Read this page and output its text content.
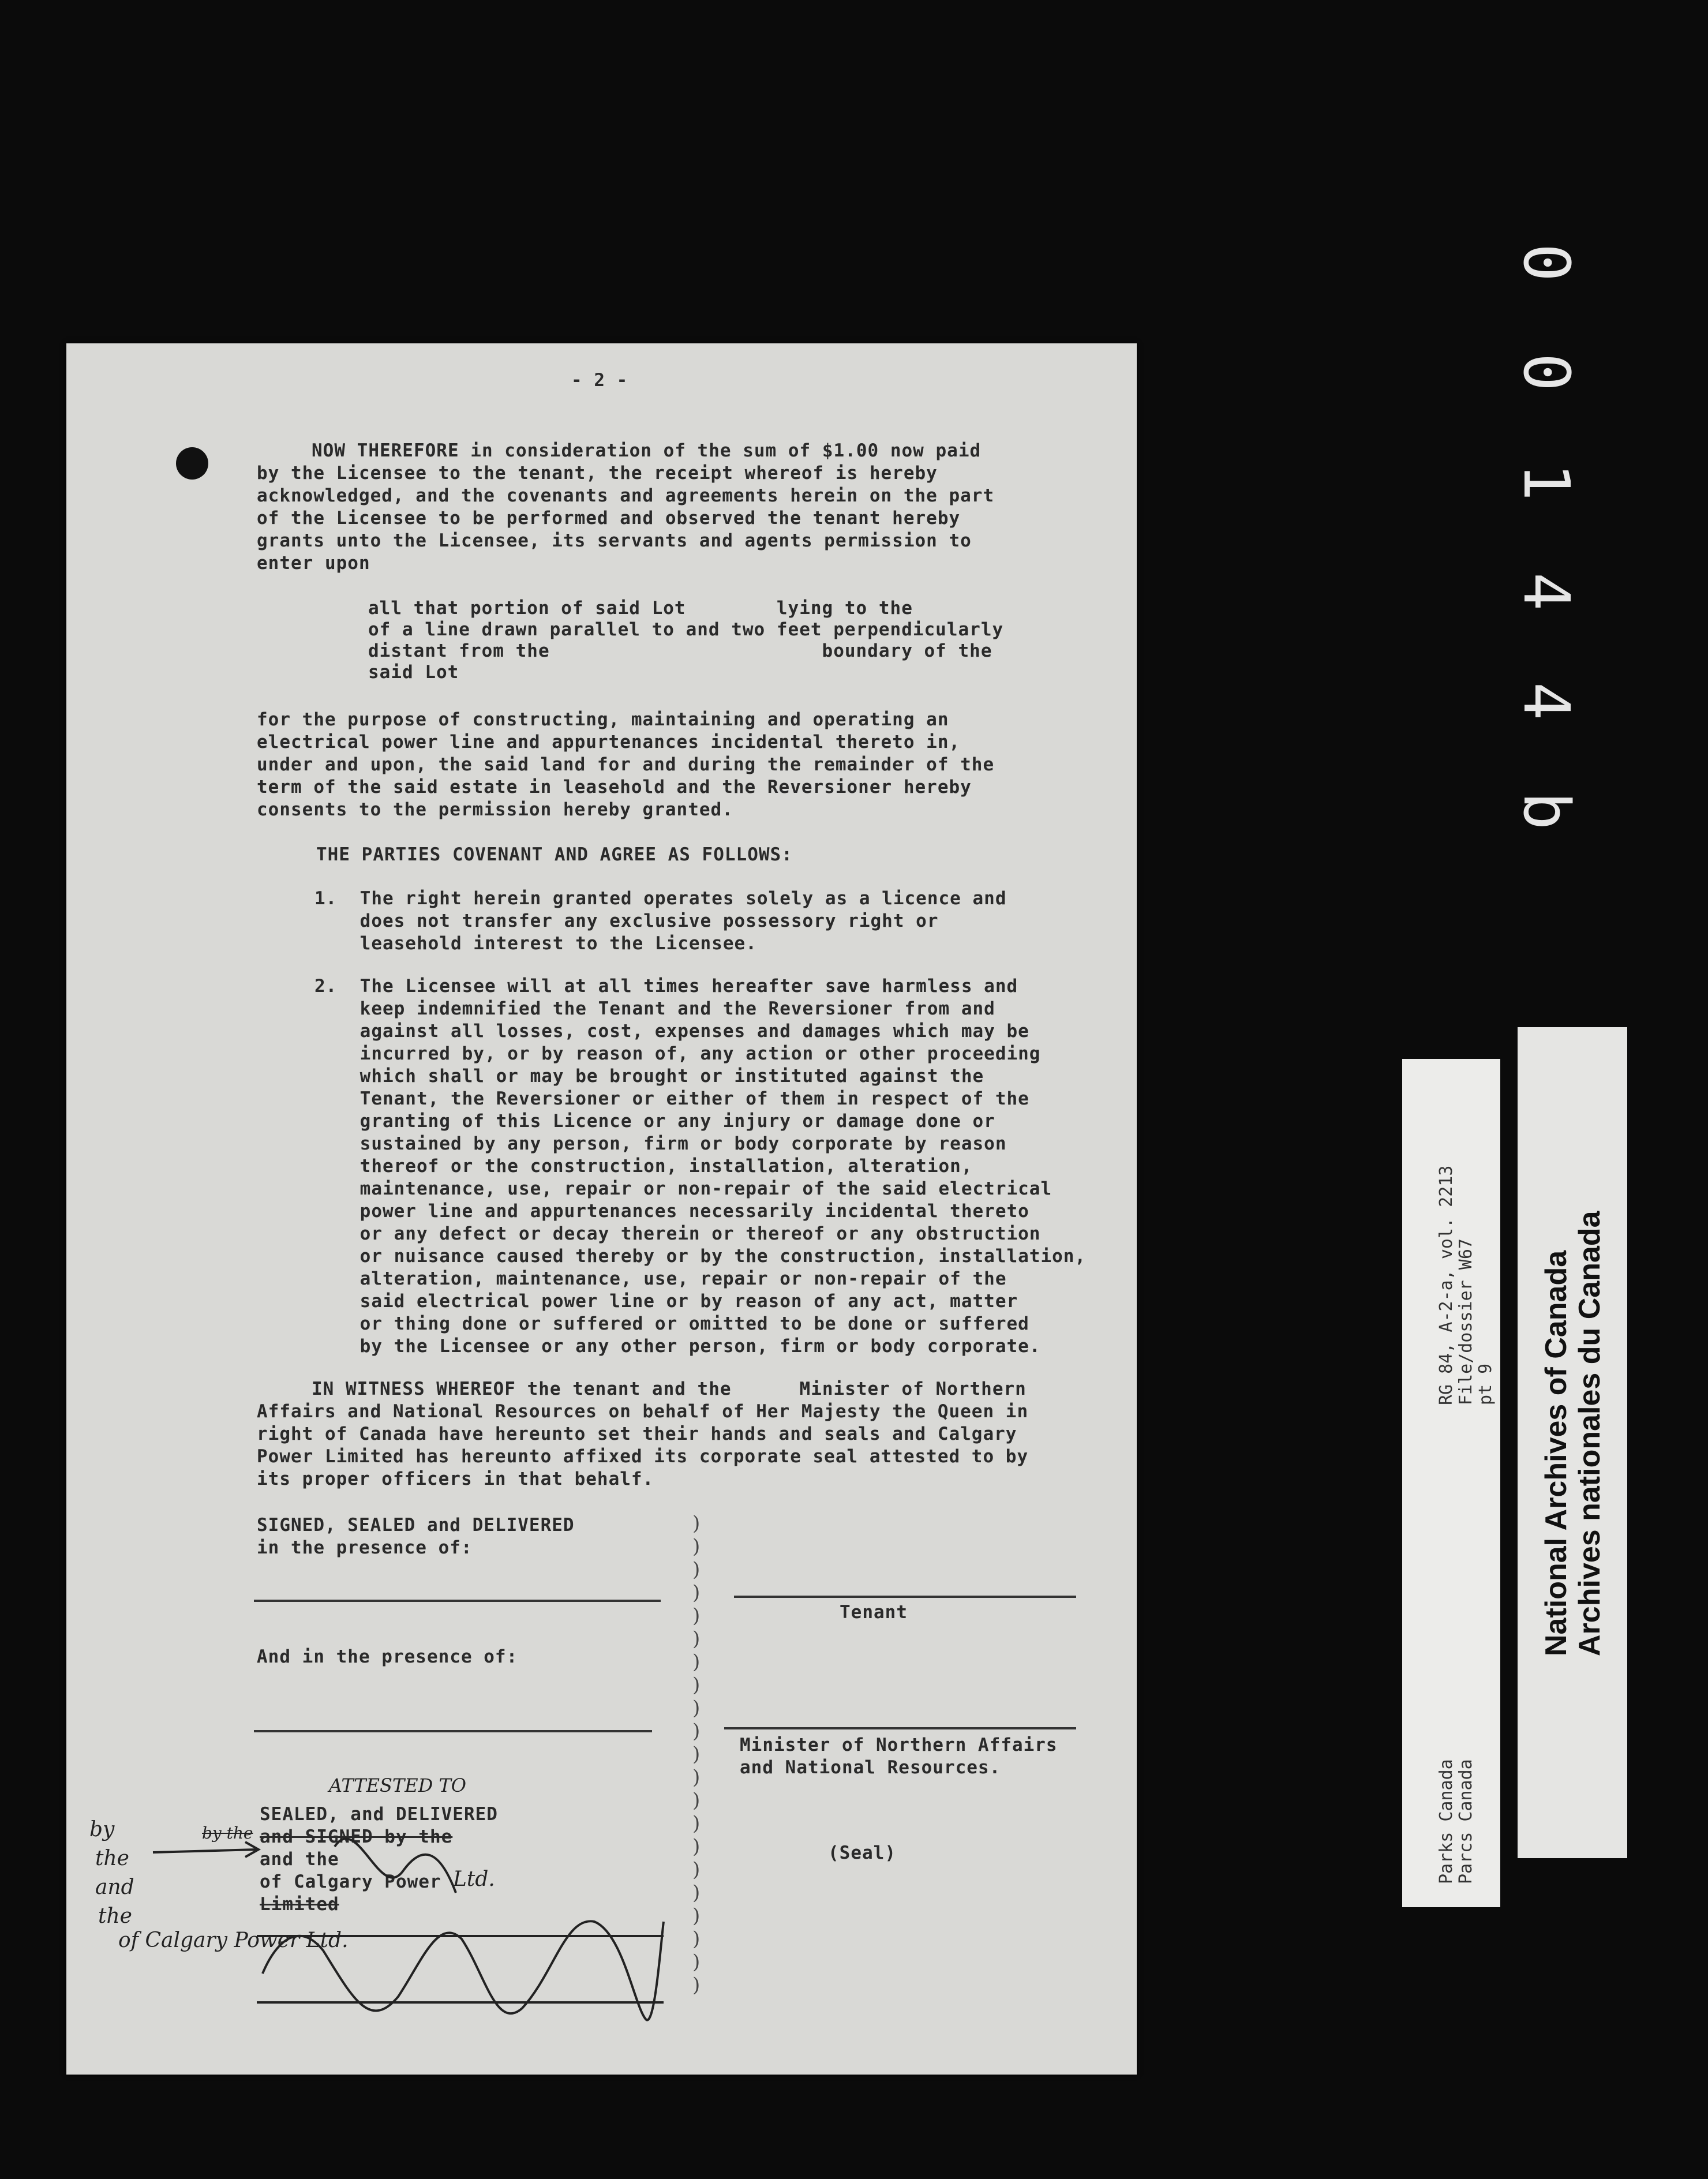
0
0
1
4
4
b
- 2 -
NOW THEREFORE in consideration of the sum of $1.00 now paid
by the Licensee to the tenant, the receipt whereof is hereby
acknowledged, and the covenants and agreements herein on the part
of the Licensee to be performed and observed the tenant hereby
grants unto the Licensee, its servants and agents permission to
enter upon
all that portion of said Lot        lying to the
of a line drawn parallel to and two feet perpendicularly
distant from the                        boundary of the
said Lot
for the purpose of constructing, maintaining and operating an
electrical power line and appurtenances incidental thereto in,
under and upon, the said land for and during the remainder of the
term of the said estate in leasehold and the Reversioner hereby
consents to the permission hereby granted.
THE PARTIES COVENANT AND AGREE AS FOLLOWS:
1.  The right herein granted operates solely as a licence and
does not transfer any exclusive possessory right or
leasehold interest to the Licensee.
2.  The Licensee will at all times hereafter save harmless and
keep indemnified the Tenant and the Reversioner from and
against all losses, cost, expenses and damages which may be
incurred by, or by reason of, any action or other proceeding
which shall or may be brought or instituted against the
Tenant, the Reversioner or either of them in respect of the
granting of this Licence or any injury or damage done or
sustained by any person, firm or body corporate by reason
thereof or the construction, installation, alteration,
maintenance, use, repair or non-repair of the said electrical
power line and appurtenances necessarily incidental thereto
or any defect or decay therein or thereof or any obstruction
or nuisance caused thereby or by the construction, installation,
alteration, maintenance, use, repair or non-repair of the
said electrical power line or by reason of any act, matter
or thing done or suffered or omitted to be done or suffered
by the Licensee or any other person, firm or body corporate.
IN WITNESS WHEREOF the tenant and the      Minister of Northern
Affairs and National Resources on behalf of Her Majesty the Queen in
right of Canada have hereunto set their hands and seals and Calgary
Power Limited has hereunto affixed its corporate seal attested to by
its proper officers in that behalf.
SIGNED, SEALED and DELIVERED
in the presence of:
)
)
)
)
)
)
)
)
)
)
)
)
)
)
)
)
)
)
)
)
)
Tenant
And in the presence of:
Minister of Northern Affairs
and National Resources.
ATTESTED TO
SEALED, and DELIVERED
and SIGNED by the
and the
of Calgary Power
Limited
Ltd.
(Seal)
by the
by
the
and
the
of Calgary Power Ltd.
RG 84, A-2-a, vol. 2213 File/dossier W67 pt 9
Parks Canada Parcs Canada
National Archives of Canada Archives nationales du Canada
